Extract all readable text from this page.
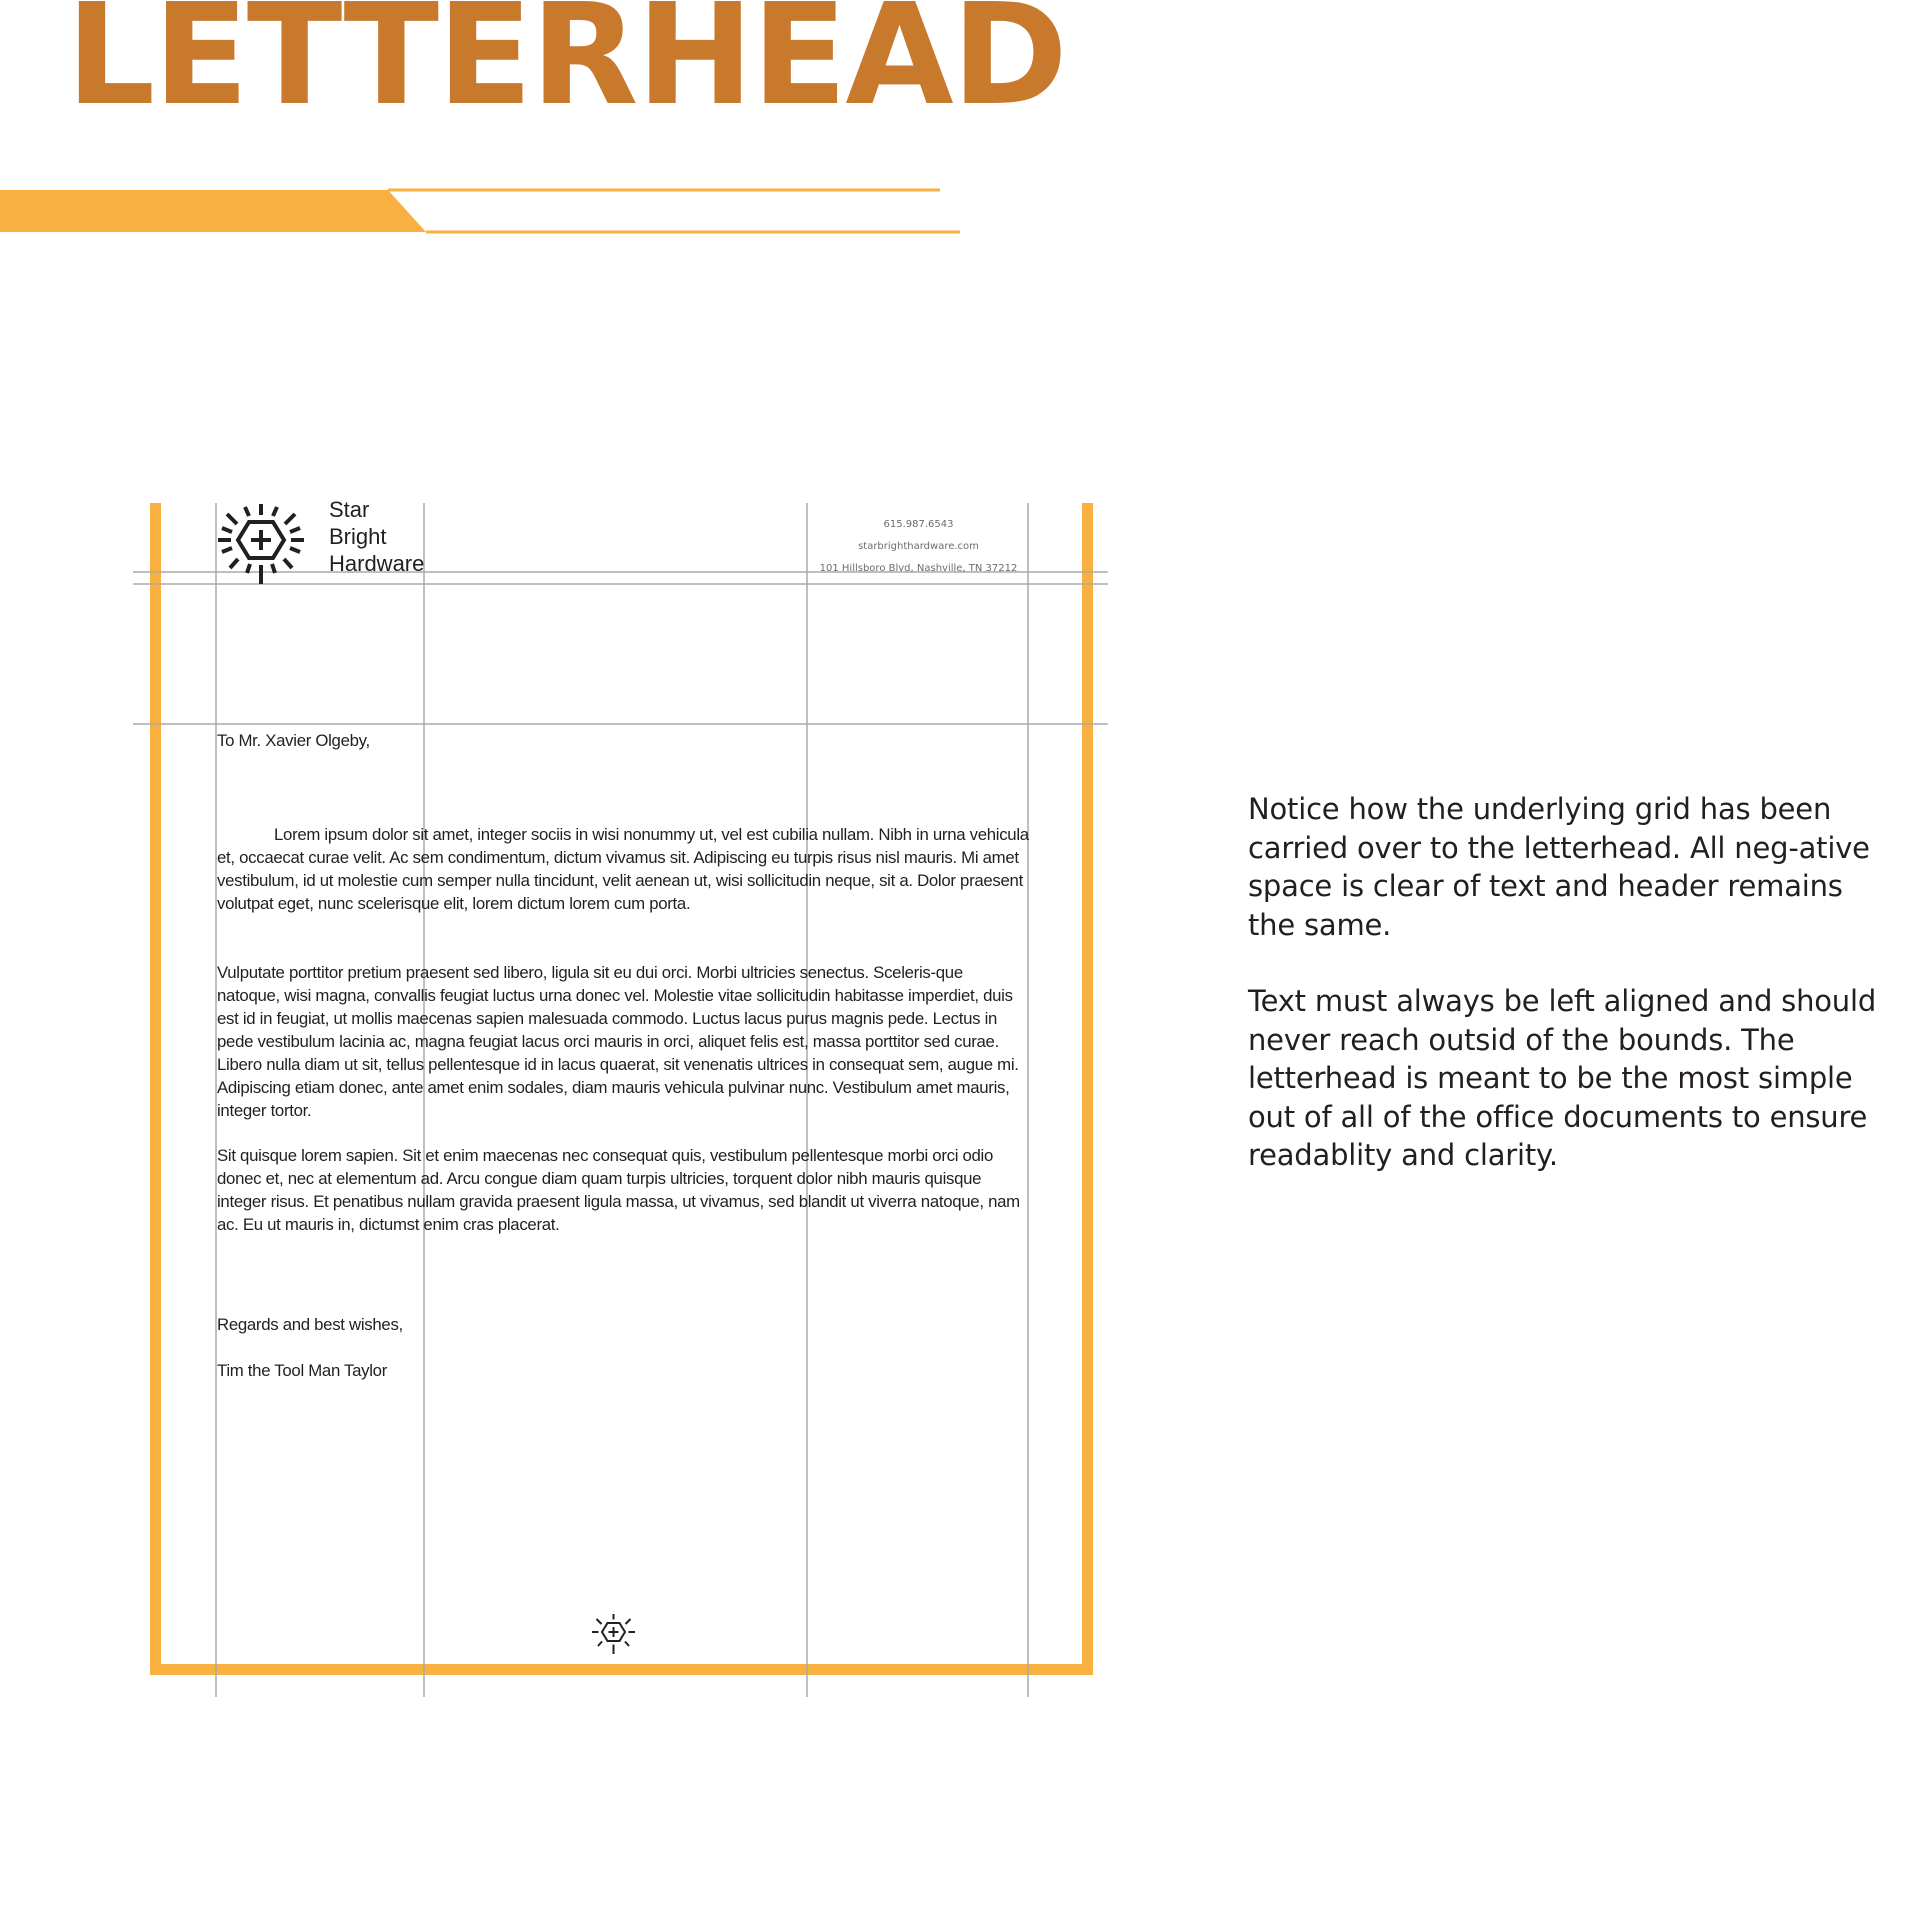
LETTERHEAD
Star
Bright
Hardware
615.987.6543
starbrighthardware.com
101 Hillsboro Blvd, Nashville, TN 37212

To Mr. Xavier Olgeby,

Lorem ipsum dolor sit amet, integer sociis in wisi nonummy ut, vel est cubilia nullam. Nibh in urna vehicula et, occaecat curae velit. Ac sem condimentum, dictum vivamus sit. Adipiscing eu turpis risus nisl mauris. Mi amet vestibulum, id ut molestie cum semper nulla tincidunt, velit aenean ut, wisi sollicitudin neque, sit a. Dolor praesent volutpat eget, nunc scelerisque elit, lorem dictum lorem cum porta.

Vulputate porttitor pretium praesent sed libero, ligula sit eu dui orci. Morbi ultricies senectus. Sceleris-que natoque, wisi magna, convallis feugiat luctus urna donec vel. Molestie vitae sollicitudin habitasse imperdiet, duis est id in feugiat, ut mollis maecenas sapien malesuada commodo. Luctus lacus purus magnis pede. Lectus in pede vestibulum lacinia ac, magna feugiat lacus orci mauris in orci, aliquet felis est, massa porttitor sed curae. Libero nulla diam ut sit, tellus pellentesque id in lacus quaerat, sit venenatis ultrices in consequat sem, augue mi. Adipiscing etiam donec, ante amet enim sodales, diam mauris vehicula pulvinar nunc. Vestibulum amet mauris, integer tortor.

Sit quisque lorem sapien. Sit et enim maecenas nec consequat quis, vestibulum pellentesque morbi orci odio donec et, nec at elementum ad. Arcu congue diam quam turpis ultricies, torquent dolor nibh mauris quisque integer risus. Et penatibus nullam gravida praesent ligula massa, ut vivamus, sed blandit ut viverra natoque, nam ac. Eu ut mauris in, dictumst enim cras placerat.

Regards and best wishes,

Tim the Tool Man Taylor

Notice how the underlying grid has been carried over to the letterhead. All neg-ative space is clear of text and header remains the same.

Text must always be left aligned and should never reach outsid of the bounds. The letterhead is meant to be the most simple out of all of the office documents to ensure readablity and clarity.
